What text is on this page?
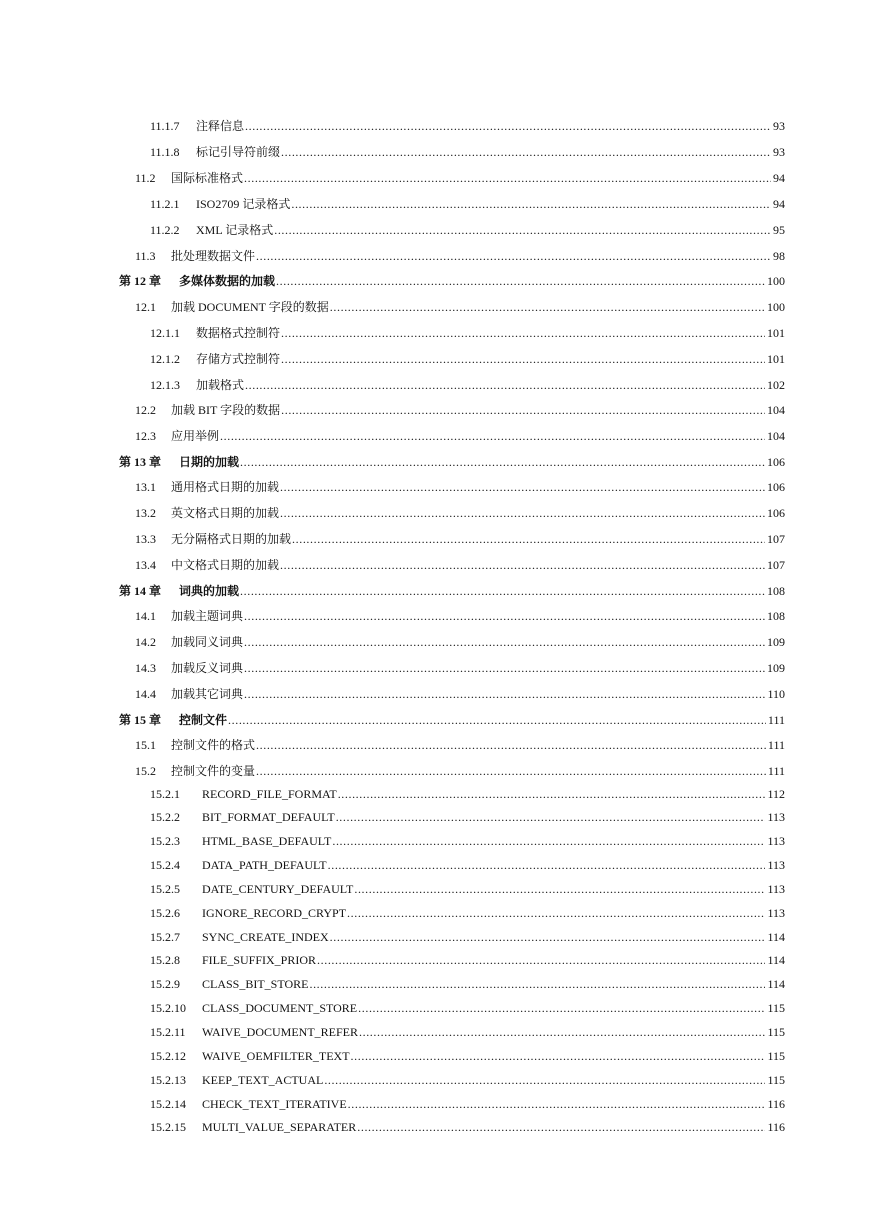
11.1.7	注释信息 .....	93
11.1.8	标记引导符前缀 .....	93
11.2	国际标准格式 .....	94
11.2.1	ISO2709 记录格式 .....	94
11.2.2	XML 记录格式 .....	95
11.3	批处理数据文件 .....	98
第 12 章	多媒体数据的加载 .....	100
12.1	加载 DOCUMENT 字段的数据 .....	100
12.1.1	数据格式控制符 .....	101
12.1.2	存储方式控制符 .....	101
12.1.3	加载格式 .....	102
12.2	加载 BIT 字段的数据 .....	104
12.3	应用举例 .....	104
第 13 章	日期的加载 .....	106
13.1	通用格式日期的加载 .....	106
13.2	英文格式日期的加载 .....	106
13.3	无分隔格式日期的加载 .....	107
13.4	中文格式日期的加载 .....	107
第 14 章	词典的加载 .....	108
14.1	加载主题词典 .....	108
14.2	加载同义词典 .....	109
14.3	加载反义词典 .....	109
14.4	加载其它词典 .....	110
第 15 章	控制文件 .....	111
15.1	控制文件的格式 .....	111
15.2	控制文件的变量 .....	111
15.2.1	RECORD_FILE_FORMAT .....	112
15.2.2	BIT_FORMAT_DEFAULT .....	113
15.2.3	HTML_BASE_DEFAULT .....	113
15.2.4	DATA_PATH_DEFAULT .....	113
15.2.5	DATE_CENTURY_DEFAULT .....	113
15.2.6	IGNORE_RECORD_CRYPT .....	113
15.2.7	SYNC_CREATE_INDEX .....	114
15.2.8	FILE_SUFFIX_PRIOR .....	114
15.2.9	CLASS_BIT_STORE .....	114
15.2.10	CLASS_DOCUMENT_STORE .....	115
15.2.11	WAIVE_DOCUMENT_REFER .....	115
15.2.12	WAIVE_OEMFILTER_TEXT .....	115
15.2.13	KEEP_TEXT_ACTUAL .....	115
15.2.14	CHECK_TEXT_ITERATIVE .....	116
15.2.15	MULTI_VALUE_SEPARATER .....	116
